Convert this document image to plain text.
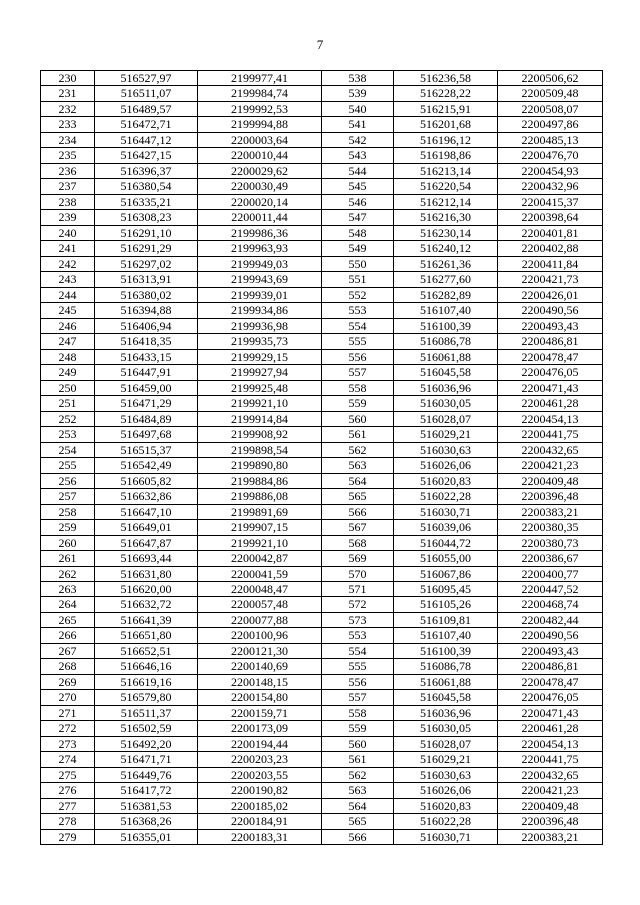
7
230	516527,97	2199977,41	538	516236,58	2200506,62
231	516511,07	2199984,74	539	516228,22	2200509,48
232	516489,57	2199992,53	540	516215,91	2200508,07
233	516472,71	2199994,88	541	516201,68	2200497,86
234	516447,12	2200003,64	542	516196,12	2200485,13
235	516427,15	2200010,44	543	516198,86	2200476,70
236	516396,37	2200029,62	544	516213,14	2200454,93
237	516380,54	2200030,49	545	516220,54	2200432,96
238	516335,21	2200020,14	546	516212,14	2200415,37
239	516308,23	2200011,44	547	516216,30	2200398,64
240	516291,10	2199986,36	548	516230,14	2200401,81
241	516291,29	2199963,93	549	516240,12	2200402,88
242	516297,02	2199949,03	550	516261,36	2200411,84
243	516313,91	2199943,69	551	516277,60	2200421,73
244	516380,02	2199939,01	552	516282,89	2200426,01
245	516394,88	2199934,86	553	516107,40	2200490,56
246	516406,94	2199936,98	554	516100,39	2200493,43
247	516418,35	2199935,73	555	516086,78	2200486,81
248	516433,15	2199929,15	556	516061,88	2200478,47
249	516447,91	2199927,94	557	516045,58	2200476,05
250	516459,00	2199925,48	558	516036,96	2200471,43
251	516471,29	2199921,10	559	516030,05	2200461,28
252	516484,89	2199914,84	560	516028,07	2200454,13
253	516497,68	2199908,92	561	516029,21	2200441,75
254	516515,37	2199898,54	562	516030,63	2200432,65
255	516542,49	2199890,80	563	516026,06	2200421,23
256	516605,82	2199884,86	564	516020,83	2200409,48
257	516632,86	2199886,08	565	516022,28	2200396,48
258	516647,10	2199891,69	566	516030,71	2200383,21
259	516649,01	2199907,15	567	516039,06	2200380,35
260	516647,87	2199921,10	568	516044,72	2200380,73
261	516693,44	2200042,87	569	516055,00	2200386,67
262	516631,80	2200041,59	570	516067,86	2200400,77
263	516620,00	2200048,47	571	516095,45	2200447,52
264	516632,72	2200057,48	572	516105,26	2200468,74
265	516641,39	2200077,88	573	516109,81	2200482,44
266	516651,80	2200100,96	553	516107,40	2200490,56
267	516652,51	2200121,30	554	516100,39	2200493,43
268	516646,16	2200140,69	555	516086,78	2200486,81
269	516619,16	2200148,15	556	516061,88	2200478,47
270	516579,80	2200154,80	557	516045,58	2200476,05
271	516511,37	2200159,71	558	516036,96	2200471,43
272	516502,59	2200173,09	559	516030,05	2200461,28
273	516492,20	2200194,44	560	516028,07	2200454,13
274	516471,71	2200203,23	561	516029,21	2200441,75
275	516449,76	2200203,55	562	516030,63	2200432,65
276	516417,72	2200190,82	563	516026,06	2200421,23
277	516381,53	2200185,02	564	516020,83	2200409,48
278	516368,26	2200184,91	565	516022,28	2200396,48
279	516355,01	2200183,31	566	516030,71	2200383,21
